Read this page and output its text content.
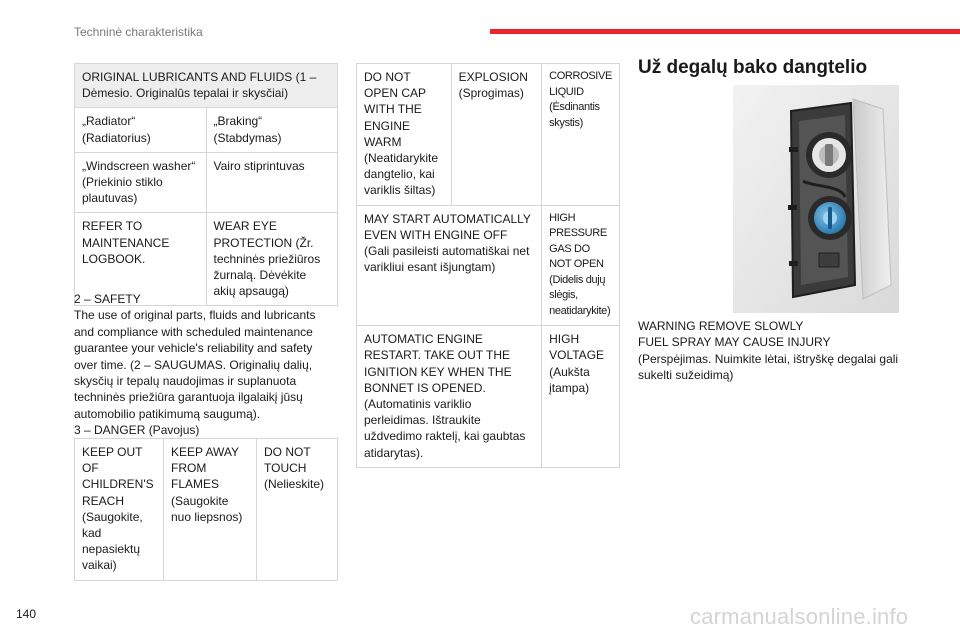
Techninė charakteristika
ORIGINAL LUBRICANTS AND FLUIDS (1 – Dėmesio. Originalūs tepalai ir skysčiai)	
„Radiator“ (Radiatorius)	„Braking“ (Stabdymas)
„Windscreen washer“ (Priekinio stiklo plautuvas)	Vairo stiprintuvas
REFER TO MAINTENANCE LOGBOOK.	WEAR EYE PROTECTION (Žr. techninės priežiūros žurnalą. Dėvėkite akių apsaugą)

2 – SAFETY

The use of original parts, fluids and lubricants and compliance with scheduled maintenance guarantee your vehicle's reliability and safety over time. (2 – SAUGUMAS. Originalių dalių, skysčių ir tepalų naudojimas ir suplanuota techninės priežiūra garantuoja ilgalaikį jūsų automobilio patikimumą saugumą).

3 – DANGER (Pavojus)

KEEP OUT OF CHILDREN'S REACH (Saugokite, kad nepasiektų vaikai)	KEEP AWAY FROM FLAMES (Saugokite nuo liepsnos)	DO NOT TOUCH (Nelieskite)
DO NOT OPEN CAP WITH THE ENGINE WARM (Neatidarykite dangtelio, kai variklis šiltas)	EXPLOSION (Sprogimas)	CORROSIVE LIQUID (Ėsdinantis skystis)
MAY START AUTOMATICALLY EVEN WITH ENGINE OFF (Gali pasileisti automatiškai net varikliui esant išjungtam)		HIGH PRESSURE GAS DO NOT OPEN (Didelis dujų slėgis, neatidarykite)
AUTOMATIC ENGINE RESTART. TAKE OUT THE IGNITION KEY WHEN THE BONNET IS OPENED. (Automatinis variklio perleidimas. Ištraukite uždvedimo raktelį, kai gaubtas atidarytas).		HIGH VOLTAGE (Aukšta įtampa)
Už degalų bako dangtelio

WARNING REMOVE SLOWLY

FUEL SPRAY MAY CAUSE INJURY

(Perspėjimas. Nuimkite lėtai, ištryškę degalai gali sukelti sužeidimą)

140	carmanualsonline.info
